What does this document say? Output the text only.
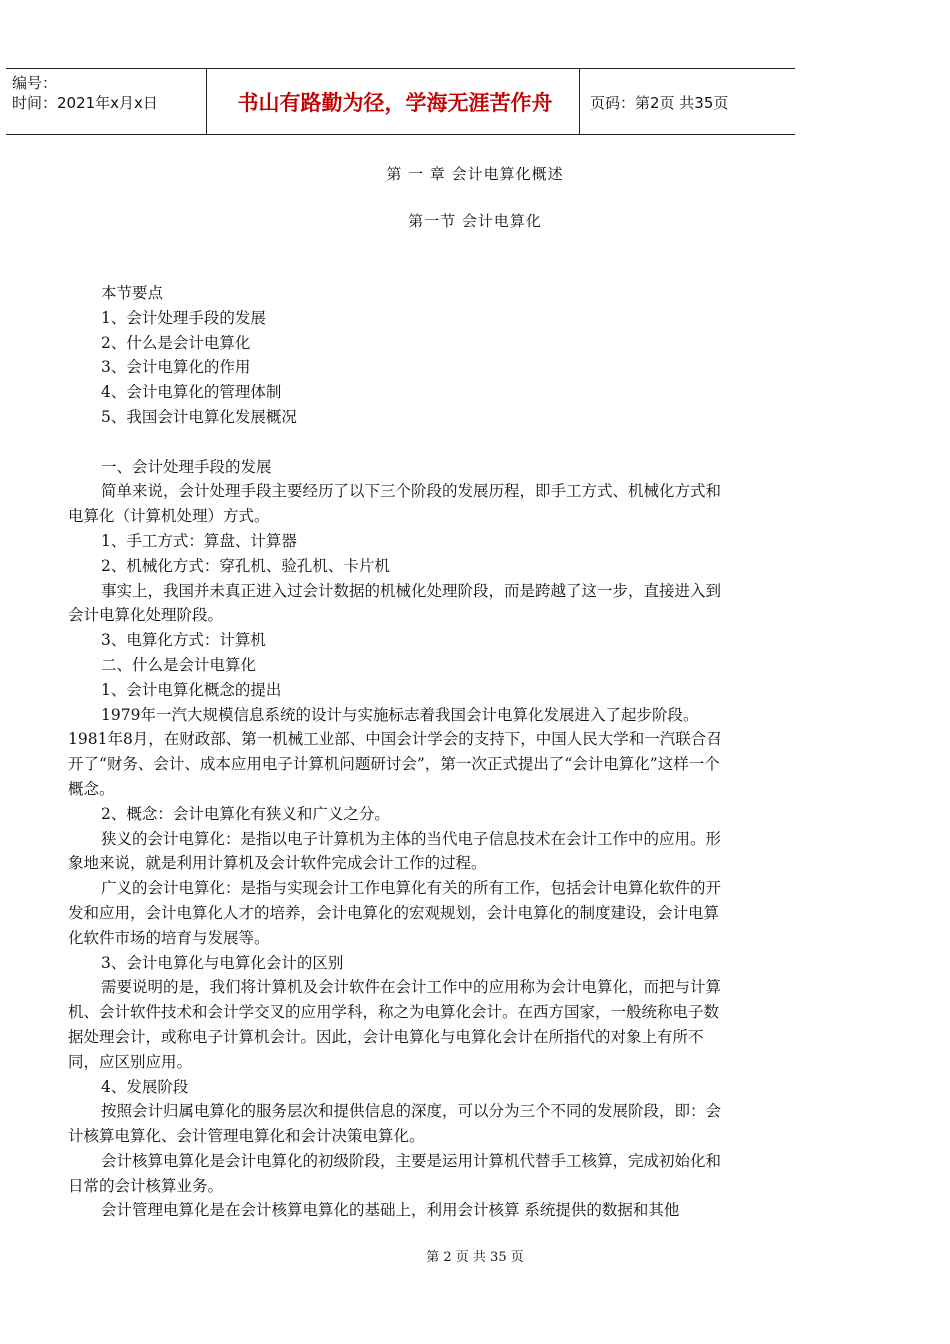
编号：
时间：2021年x月x日	书山有路勤为径，学海无涯苦作舟	页码：第2页 共35页
第 一 章 会计电算化概述
第一节 会计电算化

本节要点

1、会计处理手段的发展

2、什么是会计电算化

3、会计电算化的作用

4、会计电算化的管理体制

5、我国会计电算化发展概况

一、会计处理手段的发展

简单来说，会计处理手段主要经历了以下三个阶段的发展历程，即手工方式、机械化方式和电算化（计算机处理）方式。

1、手工方式：算盘、计算器

2、机械化方式：穿孔机、验孔机、卡片机

事实上，我国并未真正进入过会计数据的机械化处理阶段，而是跨越了这一步，直接进入到会计电算化处理阶段。

3、电算化方式：计算机

二、什么是会计电算化

1、会计电算化概念的提出

1979年一汽大规模信息系统的设计与实施标志着我国会计电算化发展进入了起步阶段。1981年8月，在财政部、第一机械工业部、中国会计学会的支持下，中国人民大学和一汽联合召开了“财务、会计、成本应用电子计算机问题研讨会”，第一次正式提出了“会计电算化”这样一个概念。

2、概念：会计电算化有狭义和广义之分。

狭义的会计电算化：是指以电子计算机为主体的当代电子信息技术在会计工作中的应用。形象地来说，就是利用计算机及会计软件完成会计工作的过程。

广义的会计电算化：是指与实现会计工作电算化有关的所有工作，包括会计电算化软件的开发和应用，会计电算化人才的培养，会计电算化的宏观规划，会计电算化的制度建设，会计电算化软件市场的培育与发展等。

3、会计电算化与电算化会计的区别

需要说明的是，我们将计算机及会计软件在会计工作中的应用称为会计电算化，而把与计算机、会计软件技术和会计学交叉的应用学科，称之为电算化会计。在西方国家，一般统称电子数据处理会计，或称电子计算机会计。因此，会计电算化与电算化会计在所指代的对象上有所不同，应区别应用。

4、发展阶段

按照会计归属电算化的服务层次和提供信息的深度，可以分为三个不同的发展阶段，即：会计核算电算化、会计管理电算化和会计决策电算化。

会计核算电算化是会计电算化的初级阶段，主要是运用计算机代替手工核算，完成初始化和日常的会计核算业务。

会计管理电算化是在会计核算电算化的基础上，利用会计核算 系统提供的数据和其他

第 2 页 共 35 页
